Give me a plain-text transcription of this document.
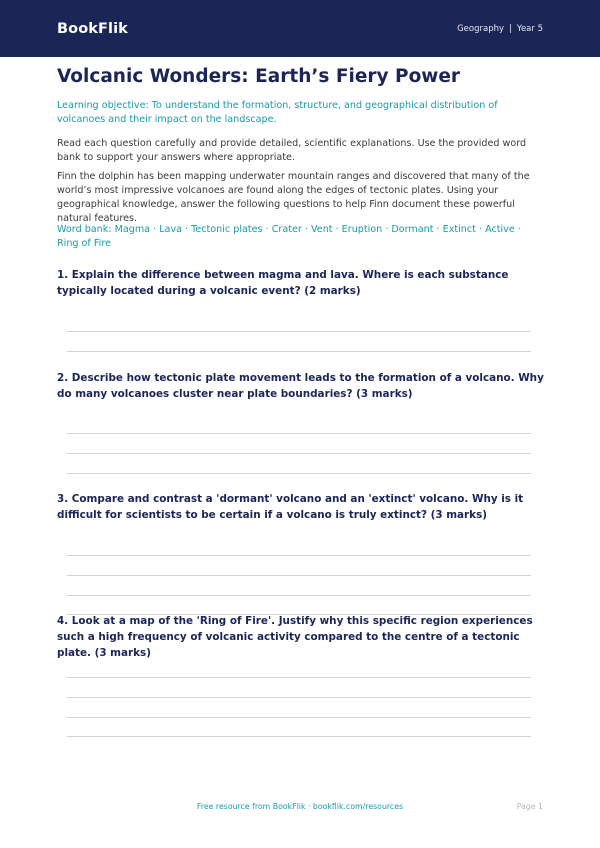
BookFlik	Geography | Year 5
Volcanic Wonders: Earth’s Fiery Power
Learning objective: To understand the formation, structure, and geographical distribution of volcanoes and their impact on the landscape.
Read each question carefully and provide detailed, scientific explanations. Use the provided word bank to support your answers where appropriate.
Finn the dolphin has been mapping underwater mountain ranges and discovered that many of the world’s most impressive volcanoes are found along the edges of tectonic plates. Using your geographical knowledge, answer the following questions to help Finn document these powerful natural features.
Word bank: Magma · Lava · Tectonic plates · Crater · Vent · Eruption · Dormant · Extinct · Active · Ring of Fire
1. Explain the difference between magma and lava. Where is each substance typically located during a volcanic event? (2 marks)
2. Describe how tectonic plate movement leads to the formation of a volcano. Why do many volcanoes cluster near plate boundaries? (3 marks)
3. Compare and contrast a 'dormant' volcano and an 'extinct' volcano. Why is it difficult for scientists to be certain if a volcano is truly extinct? (3 marks)
4. Look at a map of the 'Ring of Fire'. Justify why this specific region experiences such a high frequency of volcanic activity compared to the centre of a tectonic plate. (3 marks)
Free resource from BookFlik · bookflik.com/resources	Page 1
